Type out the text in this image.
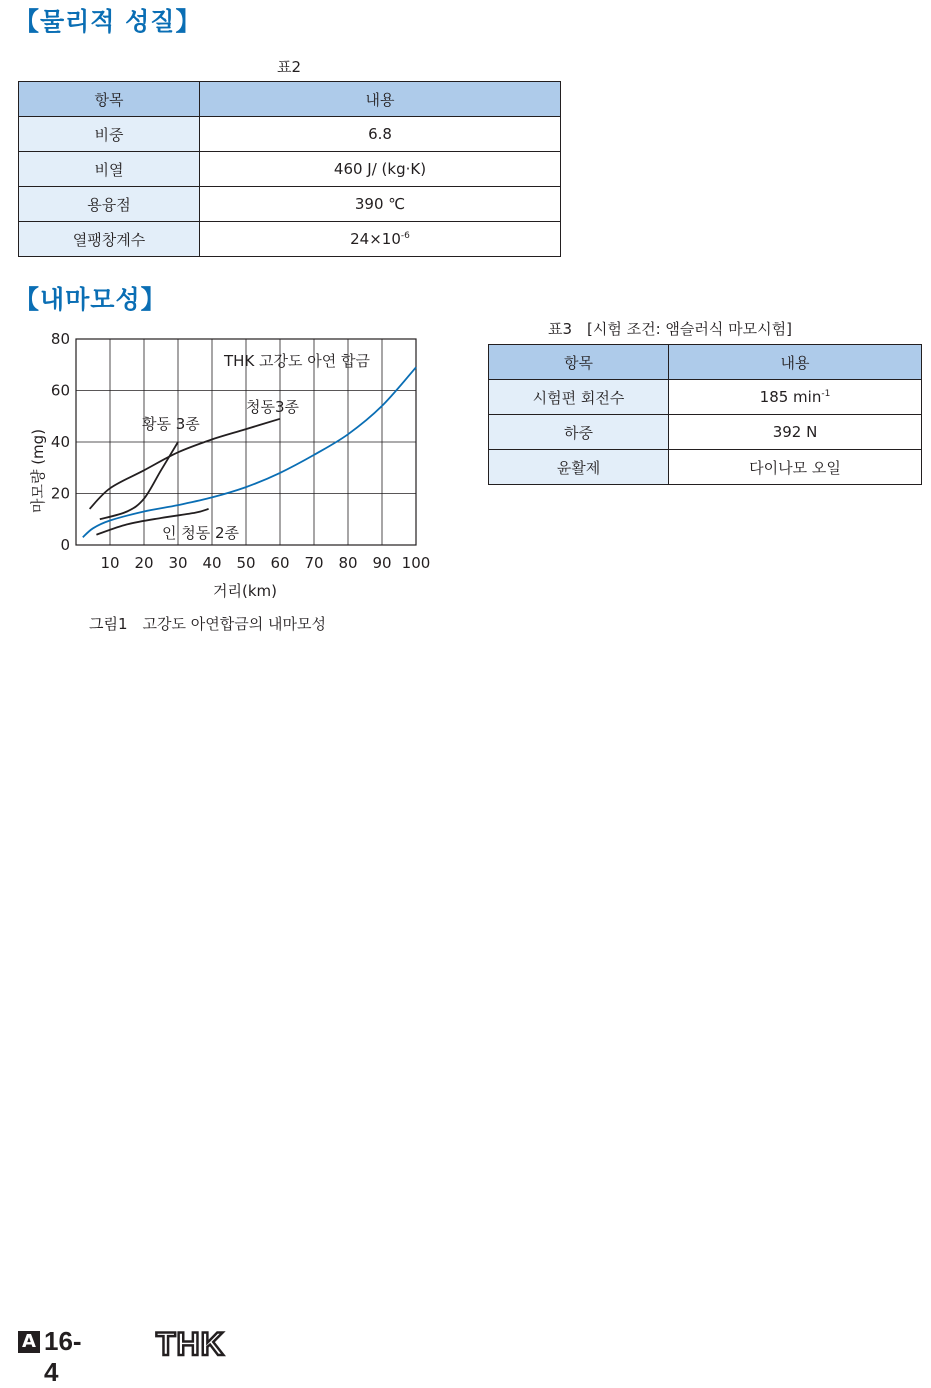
【물리적 성질】
표2
항목	내용
비중	6.8
비열	460 J/ (kg·K)
용융점	390 ℃
열팽창계수	$24\times 10^{-6}$
【내마모성】
0
20
40
60
80
10 20 30 40 50 60 70 80 90 100
마모량 (mg)
거리(km)
THK 고강도 아연 합금
청동3종
황동 3종
인 청동 2종
그림1　고강도 아연합금의 내마모성
표3　[시험 조건: 앰슬러식 마모시험]
항목	내용
시험편 회전수	185 $\min^{-1}$
하중	392 N
윤활제	다이나모 오일
A 16-4
THK
